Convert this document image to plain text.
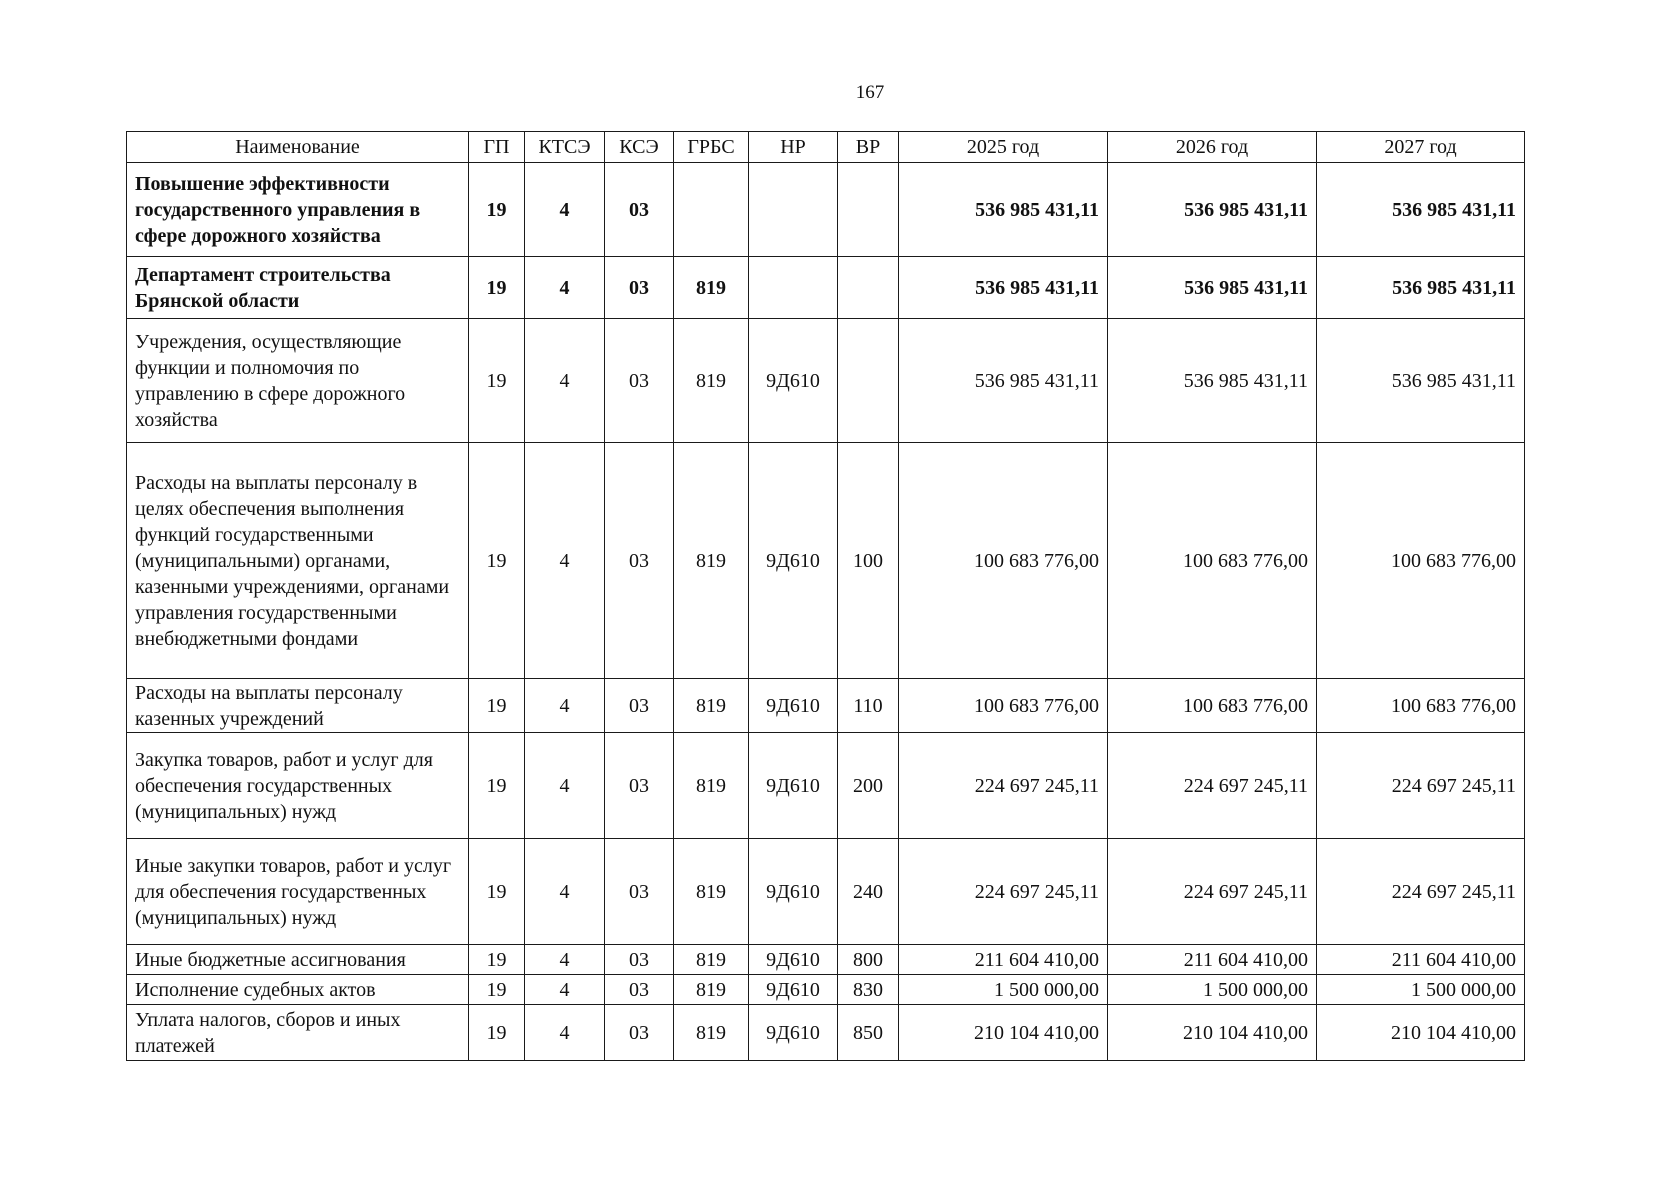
167
Наименование	ГП	КТСЭ	КСЭ	ГРБС	НР	ВР	2025 год	2026 год	2027 год
Повышение эффективности государственного управления в сфере дорожного хозяйства	19	4	03				536 985 431,11	536 985 431,11	536 985 431,11
Департамент строительства Брянской области	19	4	03	819			536 985 431,11	536 985 431,11	536 985 431,11
Учреждения, осуществляющие функции и полномочия по управлению в сфере дорожного хозяйства	19	4	03	819	9Д610		536 985 431,11	536 985 431,11	536 985 431,11
Расходы на выплаты персоналу в целях обеспечения выполнения функций государственными (муниципальными) органами, казенными учреждениями, органами управления государственными внебюджетными фондами	19	4	03	819	9Д610	100	100 683 776,00	100 683 776,00	100 683 776,00
Расходы на выплаты персоналу казенных учреждений	19	4	03	819	9Д610	110	100 683 776,00	100 683 776,00	100 683 776,00
Закупка товаров, работ и услуг для обеспечения государственных (муниципальных) нужд	19	4	03	819	9Д610	200	224 697 245,11	224 697 245,11	224 697 245,11
Иные закупки товаров, работ и услуг для обеспечения государственных (муниципальных) нужд	19	4	03	819	9Д610	240	224 697 245,11	224 697 245,11	224 697 245,11
Иные бюджетные ассигнования	19	4	03	819	9Д610	800	211 604 410,00	211 604 410,00	211 604 410,00
Исполнение судебных актов	19	4	03	819	9Д610	830	1 500 000,00	1 500 000,00	1 500 000,00
Уплата налогов, сборов и иных платежей	19	4	03	819	9Д610	850	210 104 410,00	210 104 410,00	210 104 410,00
